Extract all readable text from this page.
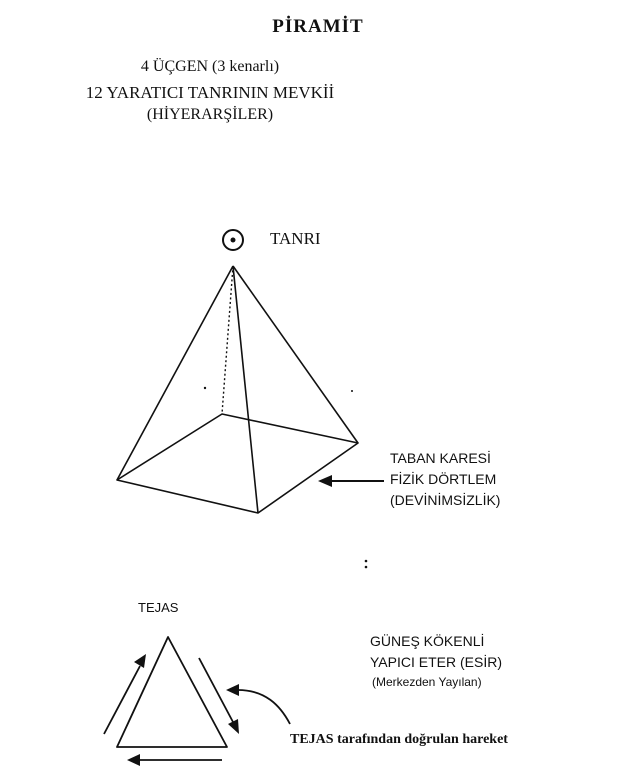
PİRAMİT

4 ÜÇGEN (3 kenarlı)

12 YARATICI TANRININ MEVKİİ

(HİYERARŞİLER)

TANRI

TABAN KARESİ

FİZİK DÖRTLEM

(DEVİNİMSİZLİK)

TEJAS

GÜNEŞ KÖKENLİ

YAPICI ETER (ESİR)

(Merkezden Yayılan)

TEJAS tarafından doğrulan hareket
